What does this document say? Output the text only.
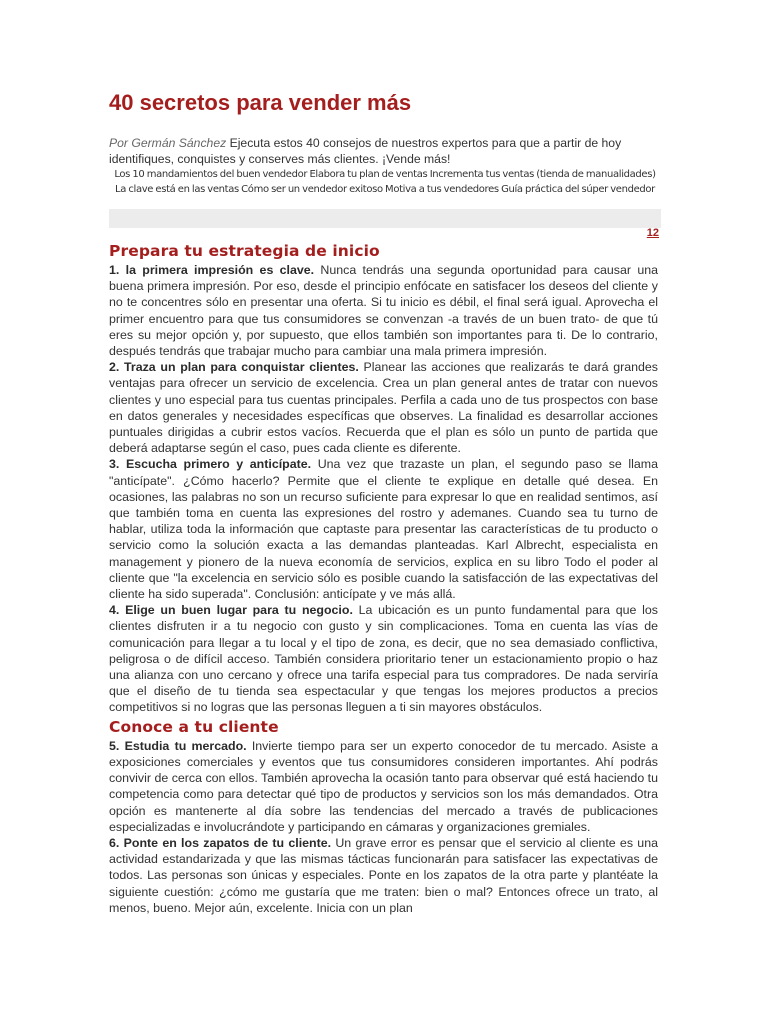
40 secretos para vender más
Por Germán Sánchez Ejecuta estos 40 consejos de nuestros expertos para que a partir de hoy identifiques, conquistes y conserves más clientes. ¡Vende más!
Los 10 mandamientos del buen vendedor Elabora tu plan de ventas Incrementa tus ventas (tienda de manualidades) La clave está en las ventas Cómo ser un vendedor exitoso Motiva a tus vendedores Guía práctica del súper vendedor
12
Prepara tu estrategia de inicio

1. la primera impresión es clave. Nunca tendrás una segunda oportunidad para causar una buena primera impresión. Por eso, desde el principio enfócate en satisfacer los deseos del cliente y no te concentres sólo en presentar una oferta. Si tu inicio es débil, el final será igual. Aprovecha el primer encuentro para que tus consumidores se convenzan -a través de un buen trato- de que tú eres su mejor opción y, por supuesto, que ellos también son importantes para ti. De lo contrario, después tendrás que trabajar mucho para cambiar una mala primera impresión.

2. Traza un plan para conquistar clientes. Planear las acciones que realizarás te dará grandes ventajas para ofrecer un servicio de excelencia. Crea un plan general antes de tratar con nuevos clientes y uno especial para tus cuentas principales. Perfila a cada uno de tus prospectos con base en datos generales y necesidades específicas que observes. La finalidad es desarrollar acciones puntuales dirigidas a cubrir estos vacíos. Recuerda que el plan es sólo un punto de partida que deberá adaptarse según el caso, pues cada cliente es diferente.

3. Escucha primero y anticípate. Una vez que trazaste un plan, el segundo paso se llama "anticípate". ¿Cómo hacerlo? Permite que el cliente te explique en detalle qué desea. En ocasiones, las palabras no son un recurso suficiente para expresar lo que en realidad sentimos, así que también toma en cuenta las expresiones del rostro y ademanes. Cuando sea tu turno de hablar, utiliza toda la información que captaste para presentar las características de tu producto o servicio como la solución exacta a las demandas planteadas. Karl Albrecht, especialista en management y pionero de la nueva economía de servicios, explica en su libro Todo el poder al cliente que "la excelencia en servicio sólo es posible cuando la satisfacción de las expectativas del cliente ha sido superada". Conclusión: anticípate y ve más allá.

4. Elige un buen lugar para tu negocio. La ubicación es un punto fundamental para que los clientes disfruten ir a tu negocio con gusto y sin complicaciones. Toma en cuenta las vías de comunicación para llegar a tu local y el tipo de zona, es decir, que no sea demasiado conflictiva, peligrosa o de difícil acceso. También considera prioritario tener un estacionamiento propio o haz una alianza con uno cercano y ofrece una tarifa especial para tus compradores. De nada serviría que el diseño de tu tienda sea espectacular y que tengas los mejores productos a precios competitivos si no logras que las personas lleguen a ti sin mayores obstáculos.

Conoce a tu cliente

5. Estudia tu mercado. Invierte tiempo para ser un experto conocedor de tu mercado. Asiste a exposiciones comerciales y eventos que tus consumidores consideren importantes. Ahí podrás convivir de cerca con ellos. También aprovecha la ocasión tanto para observar qué está haciendo tu competencia como para detectar qué tipo de productos y servicios son los más demandados. Otra opción es mantenerte al día sobre las tendencias del mercado a través de publicaciones especializadas e involucrándote y participando en cámaras y organizaciones gremiales.

6. Ponte en los zapatos de tu cliente. Un grave error es pensar que el servicio al cliente es una actividad estandarizada y que las mismas tácticas funcionarán para satisfacer las expectativas de todos. Las personas son únicas y especiales. Ponte en los zapatos de la otra parte y plantéate la siguiente cuestión: ¿cómo me gustaría que me traten: bien o mal? Entonces ofrece un trato, al menos, bueno. Mejor aún, excelente. Inicia con un plan
